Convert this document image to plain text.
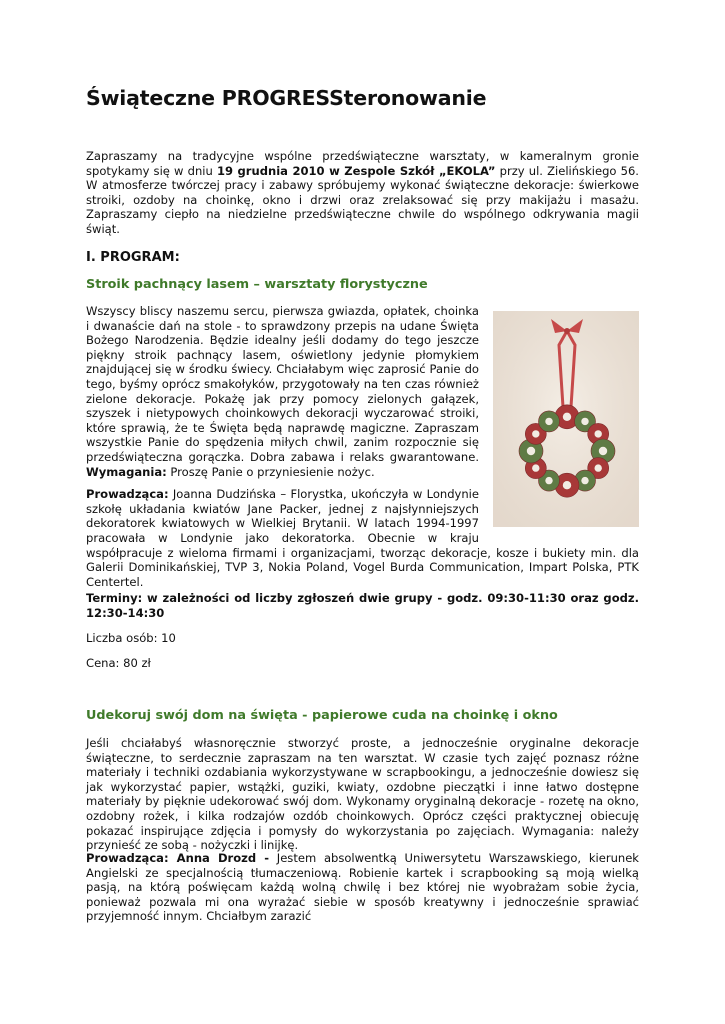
Świąteczne PROGRESSteronowanie

Zapraszamy na tradycyjne wspólne przedświąteczne warsztaty, w kameralnym gronie spotykamy się w dniu 19 grudnia 2010 w Zespole Szkół „EKOLA” przy ul. Zielińskiego 56. W atmosferze twórczej pracy i zabawy spróbujemy wykonać świąteczne dekoracje: świerkowe stroiki, ozdoby na choinkę, okno i drzwi oraz zrelaksować się przy makijażu i masażu. Zapraszamy ciepło na niedzielne przedświąteczne chwile do wspólnego odkrywania magii świąt.

I. PROGRAM:
Stroik pachnący lasem – warsztaty florystyczne

Wszyscy bliscy naszemu sercu, pierwsza gwiazda, opłatek, choinka i dwanaście dań na stole - to sprawdzony przepis na udane Święta Bożego Narodzenia. Będzie idealny jeśli dodamy do tego jeszcze piękny stroik pachnący lasem, oświetlony jedynie płomykiem znajdującej się w środku świecy. Chciałabym więc zaprosić Panie do tego, byśmy oprócz smakołyków, przygotowały na ten czas również zielone dekoracje. Pokażę jak przy pomocy zielonych gałązek, szyszek i nietypowych choinkowych dekoracji wyczarować stroiki, które sprawią, że te Święta będą naprawdę magiczne. Zapraszam wszystkie Panie do spędzenia miłych chwil, zanim rozpocznie się przedświąteczna gorączka. Dobra zabawa i relaks gwarantowane. Wymagania: Proszę Panie o przyniesienie nożyc.

Prowadząca: Joanna Dudzińska – Florystka, ukończyła w Londynie szkołę układania kwiatów Jane Packer, jednej z najsłynniejszych dekoratorek kwiatowych w Wielkiej Brytanii. W latach 1994-1997 pracowała w Londynie jako dekoratorka. Obecnie w kraju współpracuje z wieloma firmami i organizacjami, tworząc dekoracje, kosze i bukiety min. dla Galerii Dominikańskiej, TVP 3, Nokia Poland, Vogel Burda Communication, Impart Polska, PTK Centertel.

Terminy: w zależności od liczby zgłoszeń dwie grupy - godz. 09:30-11:30 oraz godz. 12:30-14:30

Liczba osób: 10

Cena: 80 zł

Udekoruj swój dom na święta - papierowe cuda na choinkę i okno

Jeśli chciałabyś własnoręcznie stworzyć proste, a jednocześnie oryginalne dekoracje świąteczne, to serdecznie zapraszam na ten warsztat. W czasie tych zajęć poznasz różne materiały i techniki ozdabiania wykorzystywane w scrapbookingu, a jednocześnie dowiesz się jak wykorzystać papier, wstążki, guziki, kwiaty, ozdobne pieczątki i inne łatwo dostępne materiały by pięknie udekorować swój dom. Wykonamy oryginalną dekoracje - rozetę na okno, ozdobny rożek, i kilka rodzajów ozdób choinkowych. Oprócz części praktycznej obiecuję pokazać inspirujące zdjęcia i pomysły do wykorzystania po zajęciach. Wymagania: należy przynieść ze sobą - nożyczki i linijkę.

Prowadząca: Anna Drozd - Jestem absolwentką Uniwersytetu Warszawskiego, kierunek Angielski ze specjalnością tłumaczeniową. Robienie kartek i scrapbooking są moją wielką pasją, na którą poświęcam każdą wolną chwilę i bez której nie wyobrażam sobie życia, ponieważ pozwala mi ona wyrażać siebie w sposób kreatywny i jednocześnie sprawiać przyjemność innym. Chciałbym zarazić
